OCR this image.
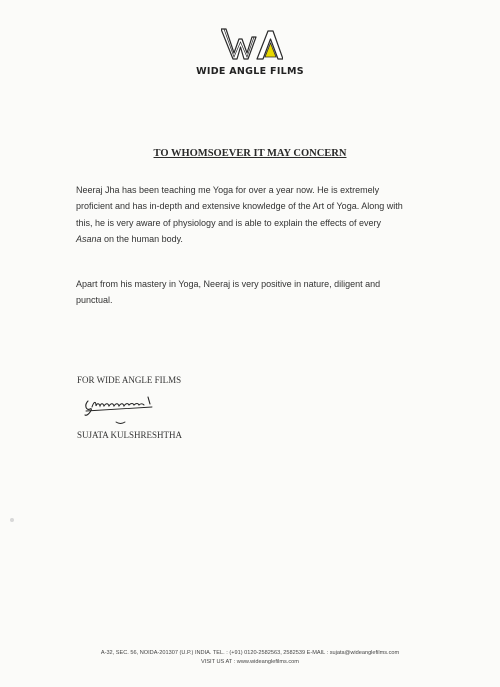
WIDE ANGLE FILMS
TO WHOMSOEVER IT MAY CONCERN

Neeraj Jha has been teaching me Yoga for over a year now. He is extremely proficient and has in-depth and extensive knowledge of the Art of Yoga. Along with this, he is very aware of physiology and is able to explain the effects of every Asana on the human body.

Apart from his mastery in Yoga, Neeraj is very positive in nature, diligent and punctual.

FOR WIDE ANGLE FILMS
SUJATA KULSHRESHTHA
A-32, SEC. 56, NOIDA-201307 (U.P.) INDIA. TEL. : (+91) 0120-2582563, 2582539 E-MAIL : sujata@wideanglefilms.com
VISIT US AT : www.wideanglefilms.com
